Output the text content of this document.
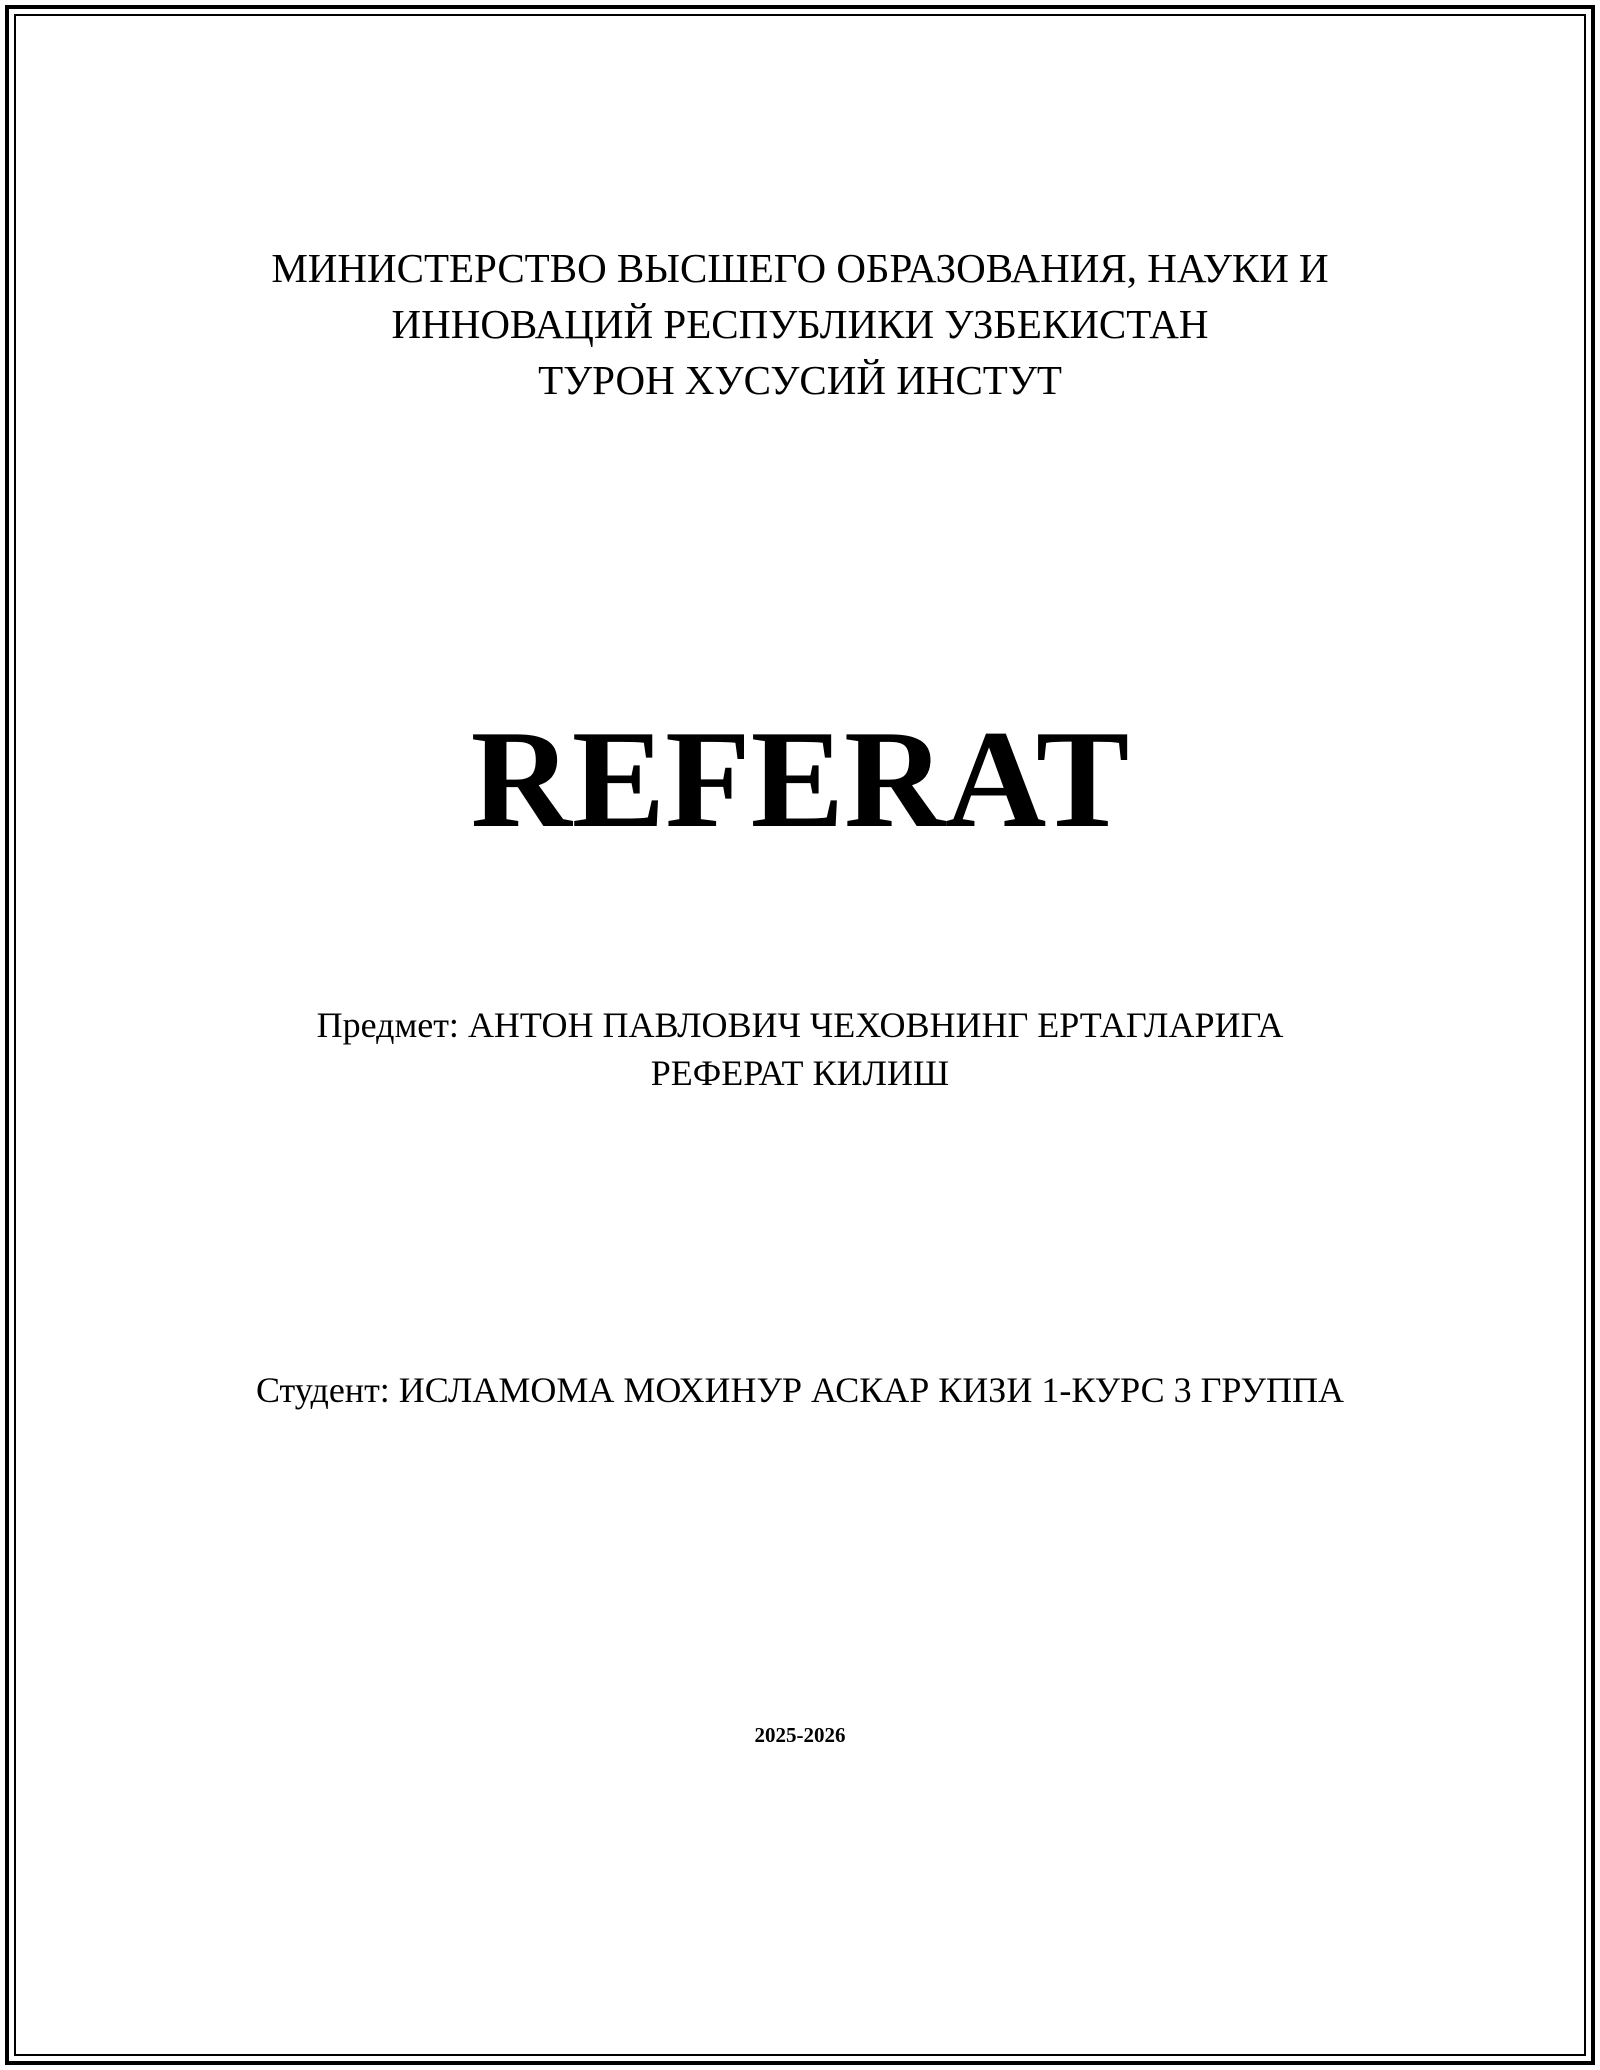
МИНИСТЕРСТВО ВЫСШЕГО ОБРАЗОВАНИЯ, НАУКИ И
ИННОВАЦИЙ РЕСПУБЛИКИ УЗБЕКИСТАН
ТУРОН ХУСУСИЙ ИНСТУТ
REFERAT
Предмет: АНТОН ПАВЛОВИЧ ЧЕХОВНИНГ ЕРТАГЛАРИГА
РЕФЕРАТ КИЛИШ
Студент: ИСЛАМОМА МОХИНУР АСКАР КИЗИ 1-КУРС 3 ГРУППА
2025-2026
